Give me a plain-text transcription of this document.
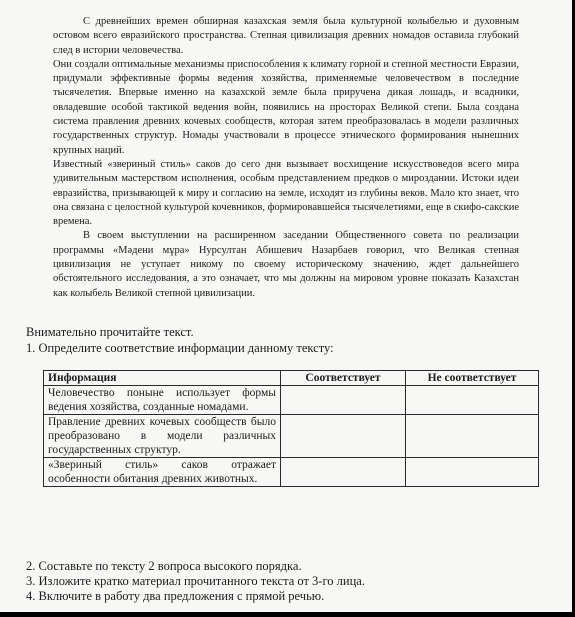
С древнейших времен обширная казахская земля была культурной колыбелью и духовным остовом всего евразийского пространства. Степная цивилизация древних номадов оставила глубокий след в истории человечества.

Они создали оптимальные механизмы приспособления к климату горной и степной местности Евразии, придумали эффективные формы ведения хозяйства, применяемые человечеством в последние тысячелетия. Впервые именно на казахской земле была приручена дикая лошадь, и всадники, овладевшие особой тактикой ведения войн, появились на просторах Великой степи. Была создана система правления древних кочевых сообществ, которая затем преобразовалась в модели различных государственных структур. Номады участвовали в процессе этнического формирования нынешних крупных наций.

Известный «звериный стиль» саков до сего дня вызывает восхищение искусствоведов всего мира удивительным мастерством исполнения, особым представлением предков о мироздании. Истоки идеи евразийства, призывающей к миру и согласию на земле, исходят из глубины веков. Мало кто знает, что она связана с целостной культурой кочевников, формировавшейся тысячелетиями, еще в скифо-сакские времена.

В своем выступлении на расширенном заседании Общественного совета по реализации программы «Мәдени мұра» Нурсултан Абишевич Назарбаев говорил, что Великая степная цивилизация не уступает никому по своему историческому значению, ждет дальнейшего обстоятельного исследования, а это означает, что мы должны на мировом уровне показать Казахстан как колыбель Великой степной цивилизации.

Внимательно прочитайте текст.
1. Определите соответствие информации данному тексту:
Информация	Соответствует	Не соответствует
Человечество поныне использует формы ведения хозяйства, созданные номадами.		
Правление древних кочевых сообществ было преобразовано в модели различных государственных структур.		
«Звериный стиль» саков отражает особенности обитания древних животных.		
2. Составьте по тексту 2 вопроса высокого порядка.
3. Изложите кратко материал прочитанного текста от 3-го лица.
4. Включите в работу два предложения с прямой речью.
